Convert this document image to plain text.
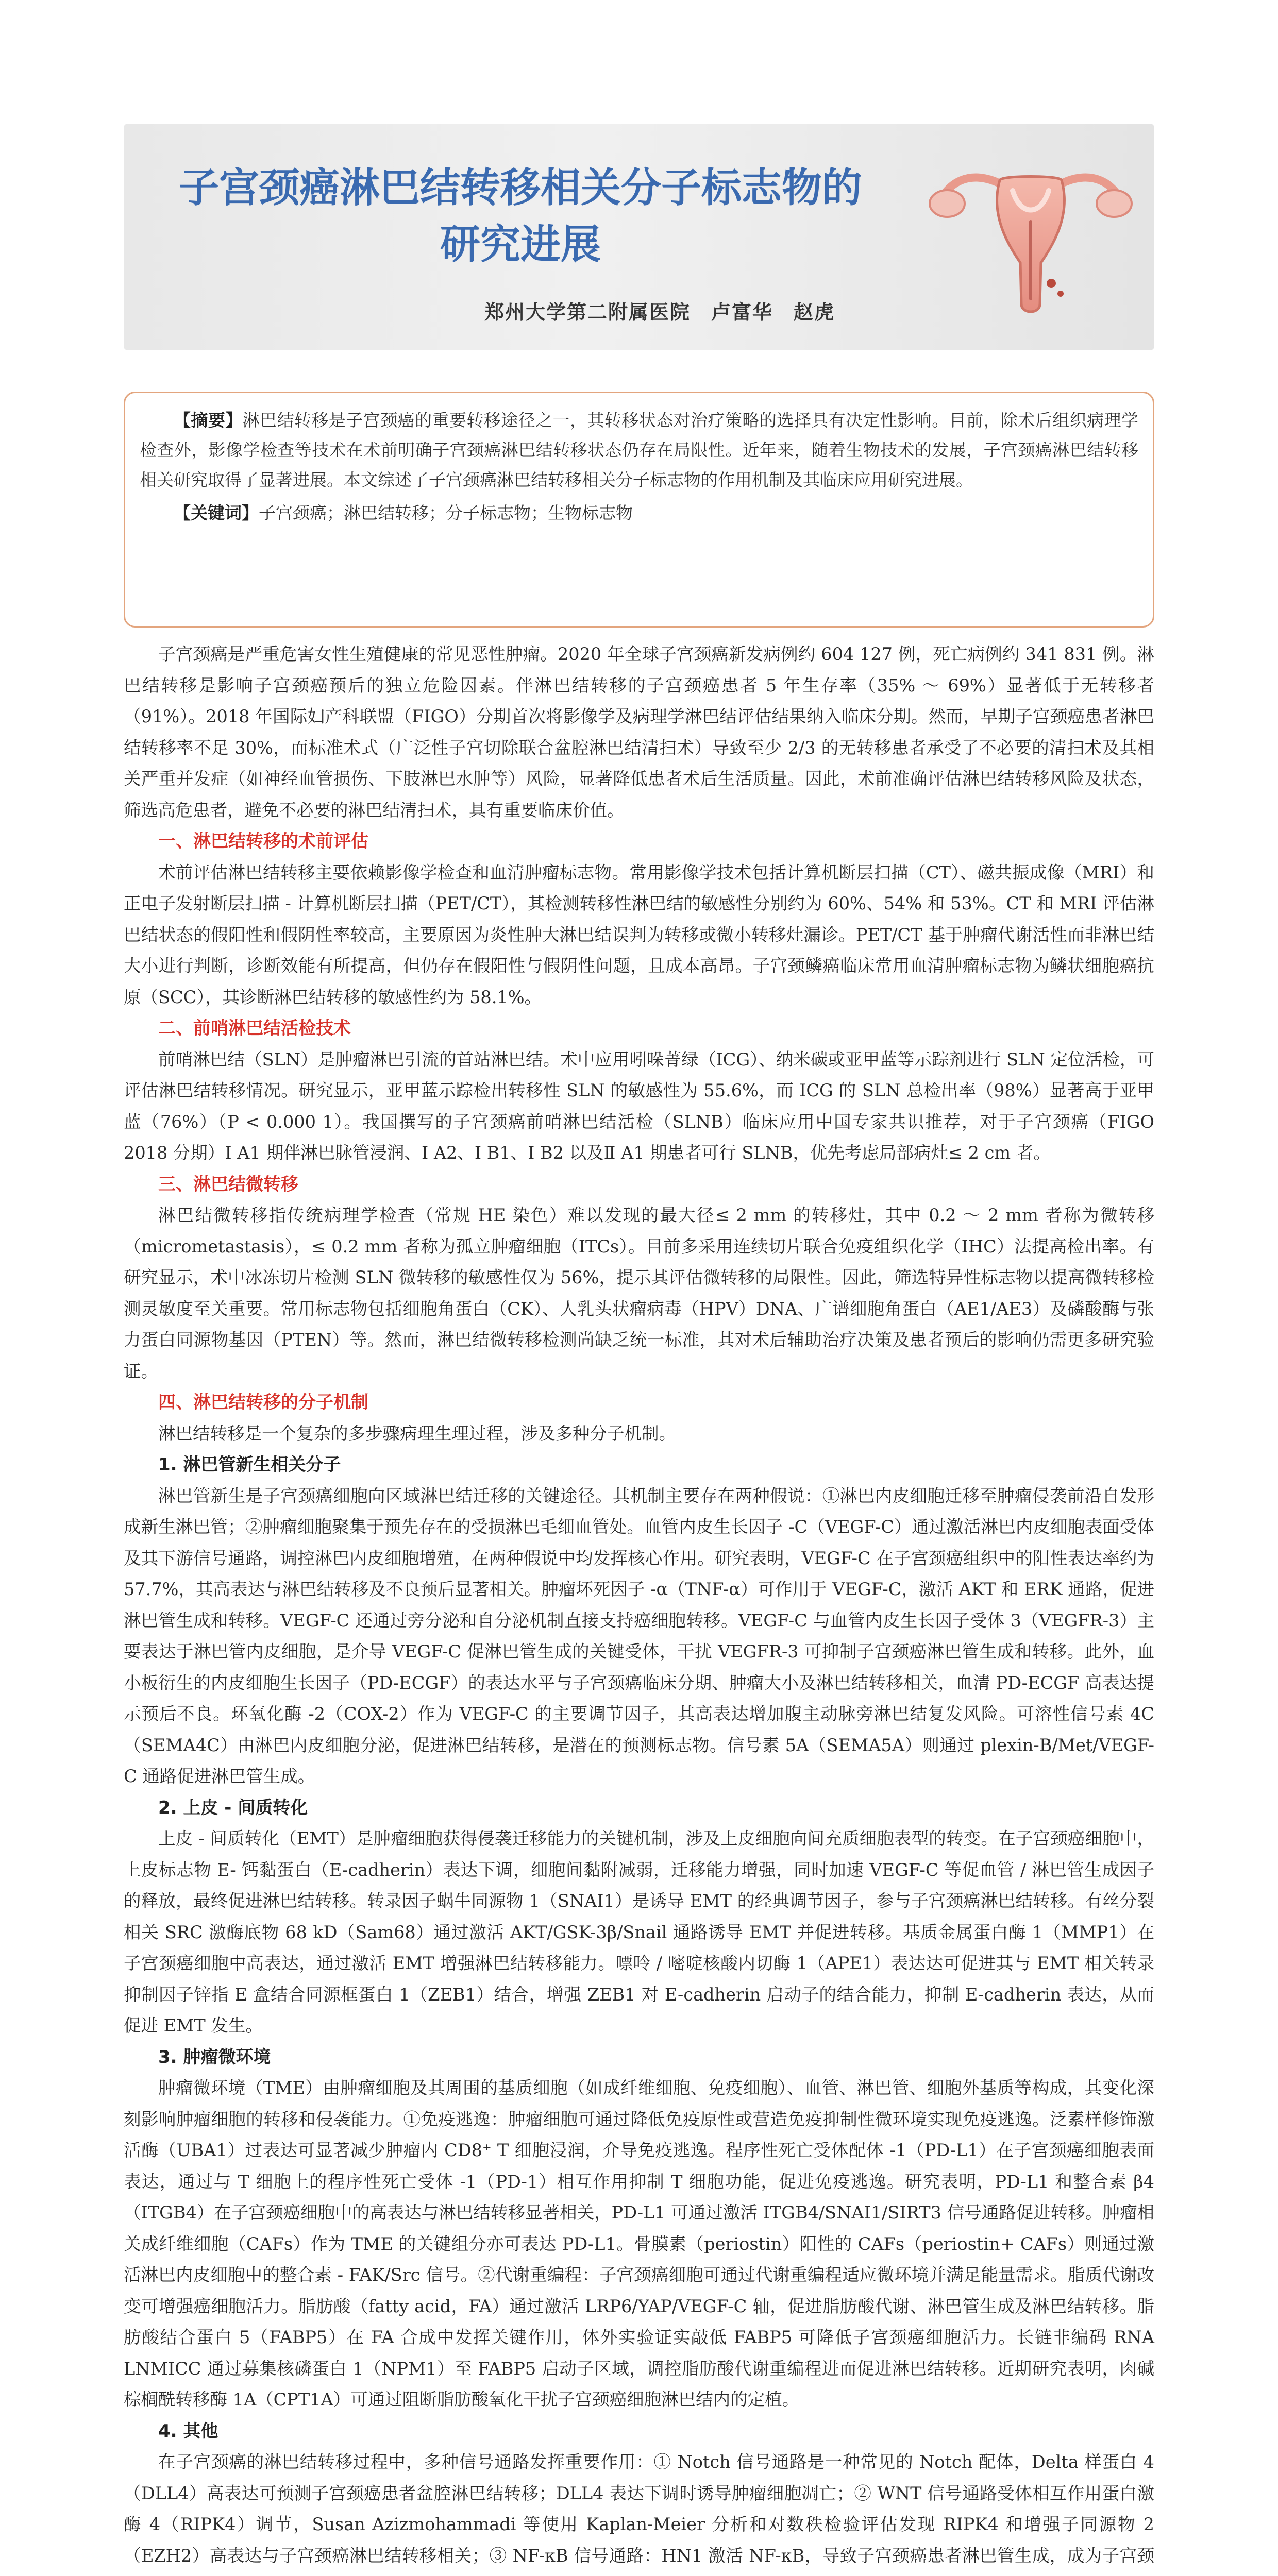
子宫颈癌淋巴结转移相关分子标志物的
研究进展
郑州大学第二附属医院　卢富华　赵虎

【摘要】淋巴结转移是子宫颈癌的重要转移途径之一，其转移状态对治疗策略的选择具有决定性影响。目前，除术后组织病理学检查外，影像学检查等技术在术前明确子宫颈癌淋巴结转移状态仍存在局限性。近年来，随着生物技术的发展，子宫颈癌淋巴结转移相关研究取得了显著进展。本文综述了子宫颈癌淋巴结转移相关分子标志物的作用机制及其临床应用研究进展。

【关键词】子宫颈癌；淋巴结转移；分子标志物；生物标志物

子宫颈癌是严重危害女性生殖健康的常见恶性肿瘤。2020 年全球子宫颈癌新发病例约 604 127 例，死亡病例约 341 831 例。淋巴结转移是影响子宫颈癌预后的独立危险因素。伴淋巴结转移的子宫颈癌患者 5 年生存率（35% ～ 69%）显著低于无转移者（91%）。2018 年国际妇产科联盟（FIGO）分期首次将影像学及病理学淋巴结评估结果纳入临床分期。然而，早期子宫颈癌患者淋巴结转移率不足 30%，而标准术式（广泛性子宫切除联合盆腔淋巴结清扫术）导致至少 2/3 的无转移患者承受了不必要的清扫术及其相关严重并发症（如神经血管损伤、下肢淋巴水肿等）风险，显著降低患者术后生活质量。因此，术前准确评估淋巴结转移风险及状态，筛选高危患者，避免不必要的淋巴结清扫术，具有重要临床价值。

一、淋巴结转移的术前评估

术前评估淋巴结转移主要依赖影像学检查和血清肿瘤标志物。常用影像学技术包括计算机断层扫描（CT）、磁共振成像（MRI）和正电子发射断层扫描 - 计算机断层扫描（PET/CT），其检测转移性淋巴结的敏感性分别约为 60%、54% 和 53%。CT 和 MRI 评估淋巴结状态的假阳性和假阴性率较高，主要原因为炎性肿大淋巴结误判为转移或微小转移灶漏诊。PET/CT 基于肿瘤代谢活性而非淋巴结大小进行判断，诊断效能有所提高，但仍存在假阳性与假阴性问题，且成本高昂。子宫颈鳞癌临床常用血清肿瘤标志物为鳞状细胞癌抗原（SCC），其诊断淋巴结转移的敏感性约为 58.1%。

二、前哨淋巴结活检技术

前哨淋巴结（SLN）是肿瘤淋巴引流的首站淋巴结。术中应用吲哚菁绿（ICG）、纳米碳或亚甲蓝等示踪剂进行 SLN 定位活检，可评估淋巴结转移情况。研究显示，亚甲蓝示踪检出转移性 SLN 的敏感性为 55.6%，而 ICG 的 SLN 总检出率（98%）显著高于亚甲蓝（76%）（P < 0.000 1）。我国撰写的子宫颈癌前哨淋巴结活检（SLNB）临床应用中国专家共识推荐，对于子宫颈癌（FIGO 2018 分期）Ⅰ A1 期伴淋巴脉管浸润、Ⅰ A2、Ⅰ B1、Ⅰ B2 以及Ⅱ A1 期患者可行 SLNB，优先考虑局部病灶≤ 2 cm 者。

三、淋巴结微转移

淋巴结微转移指传统病理学检查（常规 HE 染色）难以发现的最大径≤ 2 mm 的转移灶，其中 0.2 ～ 2 mm 者称为微转移（micrometastasis），≤ 0.2 mm 者称为孤立肿瘤细胞（ITCs）。目前多采用连续切片联合免疫组织化学（IHC）法提高检出率。有研究显示，术中冰冻切片检测 SLN 微转移的敏感性仅为 56%，提示其评估微转移的局限性。因此，筛选特异性标志物以提高微转移检测灵敏度至关重要。常用标志物包括细胞角蛋白（CK）、人乳头状瘤病毒（HPV）DNA、广谱细胞角蛋白（AE1/AE3）及磷酸酶与张力蛋白同源物基因（PTEN）等。然而，淋巴结微转移检测尚缺乏统一标准，其对术后辅助治疗决策及患者预后的影响仍需更多研究验证。

四、淋巴结转移的分子机制

淋巴结转移是一个复杂的多步骤病理生理过程，涉及多种分子机制。

1. 淋巴管新生相关分子

淋巴管新生是子宫颈癌细胞向区域淋巴结迁移的关键途径。其机制主要存在两种假说：①淋巴内皮细胞迁移至肿瘤侵袭前沿自发形成新生淋巴管；②肿瘤细胞聚集于预先存在的受损淋巴毛细血管处。血管内皮生长因子 -C（VEGF-C）通过激活淋巴内皮细胞表面受体及其下游信号通路，调控淋巴内皮细胞增殖，在两种假说中均发挥核心作用。研究表明，VEGF-C 在子宫颈癌组织中的阳性表达率约为 57.7%，其高表达与淋巴结转移及不良预后显著相关。肿瘤坏死因子 -α（TNF-α）可作用于 VEGF-C，激活 AKT 和 ERK 通路，促进淋巴管生成和转移。VEGF-C 还通过旁分泌和自分泌机制直接支持癌细胞转移。VEGF-C 与血管内皮生长因子受体 3（VEGFR-3）主要表达于淋巴管内皮细胞，是介导 VEGF-C 促淋巴管生成的关键受体，干扰 VEGFR-3 可抑制子宫颈癌淋巴管生成和转移。此外，血小板衍生的内皮细胞生长因子（PD-ECGF）的表达水平与子宫颈癌临床分期、肿瘤大小及淋巴结转移相关，血清 PD-ECGF 高表达提示预后不良。环氧化酶 -2（COX-2）作为 VEGF-C 的主要调节因子，其高表达增加腹主动脉旁淋巴结复发风险。可溶性信号素 4C（SEMA4C）由淋巴内皮细胞分泌，促进淋巴结转移，是潜在的预测标志物。信号素 5A（SEMA5A）则通过 plexin-B/Met/VEGF-C 通路促进淋巴管生成。

2. 上皮 - 间质转化

上皮 - 间质转化（EMT）是肿瘤细胞获得侵袭迁移能力的关键机制，涉及上皮细胞向间充质细胞表型的转变。在子宫颈癌细胞中，上皮标志物 E- 钙黏蛋白（E-cadherin）表达下调，细胞间黏附减弱，迁移能力增强，同时加速 VEGF-C 等促血管 / 淋巴管生成因子的释放，最终促进淋巴结转移。转录因子蜗牛同源物 1（SNAI1）是诱导 EMT 的经典调节因子，参与子宫颈癌淋巴结转移。有丝分裂相关 SRC 激酶底物 68 kD（Sam68）通过激活 AKT/GSK-3β/Snail 通路诱导 EMT 并促进转移。基质金属蛋白酶 1（MMP1）在子宫颈癌细胞中高表达，通过激活 EMT 增强淋巴结转移能力。嘌呤 / 嘧啶核酸内切酶 1（APE1）表达达可促进其与 EMT 相关转录抑制因子锌指 E 盒结合同源框蛋白 1（ZEB1）结合，增强 ZEB1 对 E-cadherin 启动子的结合能力，抑制 E-cadherin 表达，从而促进 EMT 发生。

3. 肿瘤微环境

肿瘤微环境（TME）由肿瘤细胞及其周围的基质细胞（如成纤维细胞、免疫细胞）、血管、淋巴管、细胞外基质等构成，其变化深刻影响肿瘤细胞的转移和侵袭能力。①免疫逃逸：肿瘤细胞可通过降低免疫原性或营造免疫抑制性微环境实现免疫逃逸。泛素样修饰激活酶（UBA1）过表达可显著减少肿瘤内 CD8⁺ T 细胞浸润，介导免疫逃逸。程序性死亡受体配体 -1（PD-L1）在子宫颈癌细胞表面表达，通过与 T 细胞上的程序性死亡受体 -1（PD-1）相互作用抑制 T 细胞功能，促进免疫逃逸。研究表明，PD-L1 和整合素 β4（ITGB4）在子宫颈癌细胞中的高表达与淋巴结转移显著相关，PD-L1 可通过激活 ITGB4/SNAI1/SIRT3 信号通路促进转移。肿瘤相关成纤维细胞（CAFs）作为 TME 的关键组分亦可表达 PD-L1。骨膜素（periostin）阳性的 CAFs（periostin+ CAFs）则通过激活淋巴内皮细胞中的整合素 - FAK/Src 信号。②代谢重编程：子宫颈癌细胞可通过代谢重编程适应微环境并满足能量需求。脂质代谢改变可增强癌细胞活力。脂肪酸（fatty acid，FA）通过激活 LRP6/YAP/VEGF-C 轴，促进脂肪酸代谢、淋巴管生成及淋巴结转移。脂肪酸结合蛋白 5（FABP5）在 FA 合成中发挥关键作用，体外实验证实敲低 FABP5 可降低子宫颈癌细胞活力。长链非编码 RNA LNMICC 通过募集核磷蛋白 1（NPM1）至 FABP5 启动子区域，调控脂肪酸代谢重编程进而促进淋巴结转移。近期研究表明，肉碱棕榈酰转移酶 1A（CPT1A）可通过阻断脂肪酸氧化干扰子宫颈癌细胞淋巴结内的定植。

4. 其他

在子宫颈癌的淋巴结转移过程中，多种信号通路发挥重要作用：① Notch 信号通路是一种常见的 Notch 配体，Delta 样蛋白 4（DLL4）高表达可预测子宫颈癌患者盆腔淋巴结转移；DLL4 表达下调时诱导肿瘤细胞凋亡；② WNT 信号通路受体相互作用蛋白激酶 4（RIPK4）调节，Susan Azizmohammadi 等使用 Kaplan-Meier 分析和对数秩检验评估发现 RIPK4 和增强子同源物 2（EZH2）高表达与子宫颈癌淋巴结转移相关；③ NF-κB 信号通路：HN1 激活 NF-κB，导致子宫颈癌患者淋巴管生成，成为子宫颈
